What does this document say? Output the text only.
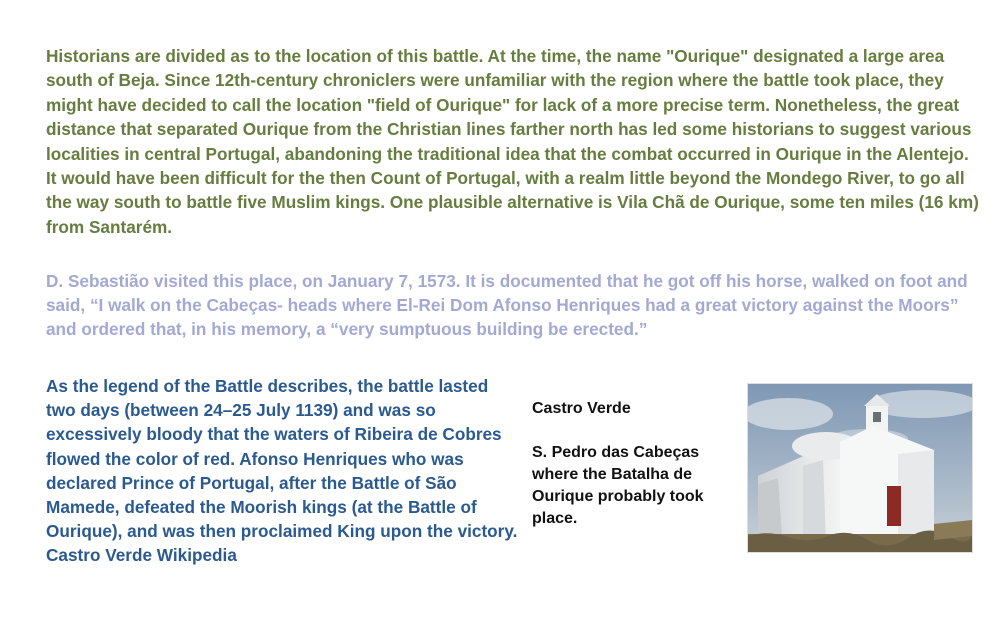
Historians are divided as to the location of this battle. At the time, the name "Ourique" designated a large area south of Beja. Since 12th-century chroniclers were unfamiliar with the region where the battle took place, they might have decided to call the location "field of Ourique" for lack of a more precise term. Nonetheless, the great distance that separated Ourique from the Christian lines farther north has led some historians to suggest various localities in central Portugal, abandoning the traditional idea that the combat occurred in Ourique in the Alentejo. It would have been difficult for the then Count of Portugal, with a realm little beyond the Mondego River, to go all the way south to battle five Muslim kings. One plausible alternative is Vila Chã de Ourique, some ten miles (16 km) from Santarém.

D. Sebastião visited this place, on January 7, 1573. It is documented that he got off his horse, walked on foot and said, “I walk on the Cabeças- heads where El-Rei Dom Afonso Henriques had a great victory against the Moors” and ordered that, in his memory, a “very sumptuous building be erected.”

As the legend of the Battle describes, the battle lasted two days (between 24–25 July 1139) and was so excessively bloody that the waters of Ribeira de Cobres flowed the color of red. Afonso Henriques who was declared Prince of Portugal, after the Battle of São Mamede, defeated the Moorish kings (at the Battle of Ourique), and was then proclaimed King upon the victory.
Castro Verde Wikipedia

Castro Verde
S. Pedro das Cabeças where the Batalha de Ourique probably took place.
